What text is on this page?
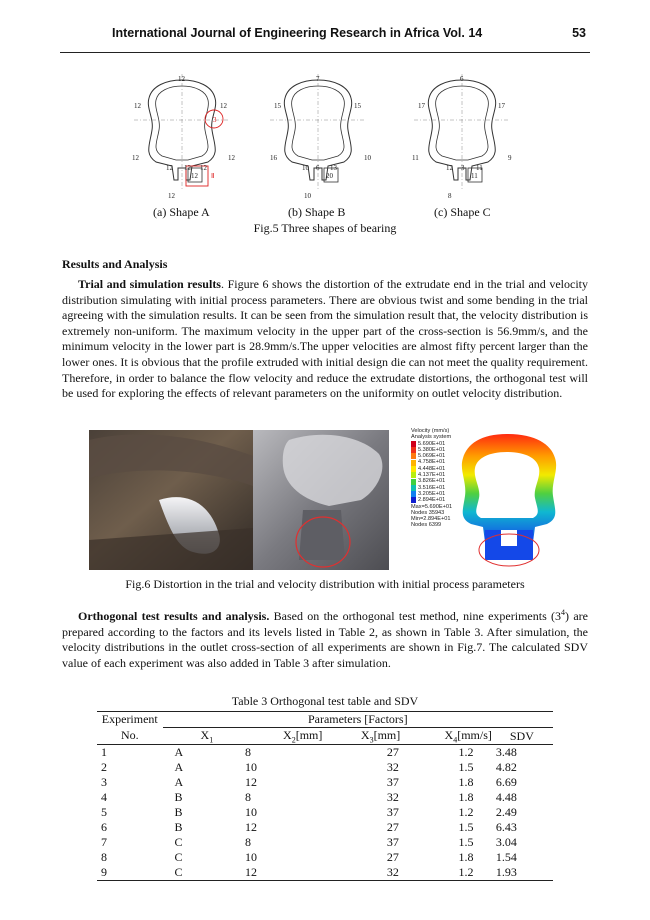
International Journal of Engineering Research in Africa Vol. 14	53
12
12	12
3
12	12
12 12 12
12
12
Ⅱ
7
15	15
10
16
6 13
10
20
10
6
17	17
11
12 3 11
9
11
8
(a) Shape A	(b) Shape B	(c) Shape C
Fig.5 Three shapes of bearing
Results and Analysis
Trial and simulation results. Figure 6 shows the distortion of the extrudate end in the trial and velocity distribution simulating with initial process parameters. There are obvious twist and some bending in the trial agreeing with the simulation results. It can be seen from the simulation result that, the velocity distribution is extremely non-uniform. The maximum velocity in the upper part of the cross-section is 56.9mm/s, and the minimum velocity in the lower part is 28.9mm/s.The upper velocities are almost fifty percent larger than the lower ones. It is obvious that the profile extruded with initial design die can not meet the quality requirement. Therefore, in order to balance the flow velocity and reduce the extrudate distortions, the orthogonal test will be used for exploring the effects of relevant parameters on the uniformity on outlet velocity distribution.
Velocity (mm/s)
Analysis system
5.690E+01
5.380E+01
5.069E+01
4.758E+01
4.448E+01
4.137E+01
3.826E+01
3.516E+01
3.205E+01
2.894E+01
Max=5.690E+01
Nodes 35943
Min=2.894E+01
Nodes 6399
Fig.6 Distortion in the trial and velocity distribution with initial process parameters
Orthogonal test results and analysis. Based on the orthogonal test method, nine experiments $(3^4)$ are prepared according to the factors and its levels listed in Table 2, as shown in Table 3. After simulation, the velocity distributions in the outlet cross-section of all experiments are shown in Fig.7. The calculated SDV value of each experiment was also added in Table 3 after simulation.
Table 3 Orthogonal test table and SDV
Experiment	Parameters [Factors]				
No.	$X_1$	$X_2[mm]$	$X_3[mm]$	$X_4[mm/s]$	SDV
1	A	8	27	1.2	3.48
2	A	10	32	1.5	4.82
3	A	12	37	1.8	6.69
4	B	8	32	1.8	4.48
5	B	10	37	1.2	2.49
6	B	12	27	1.5	6.43
7	C	8	37	1.5	3.04
8	C	10	27	1.8	1.54
9	C	12	32	1.2	1.93
